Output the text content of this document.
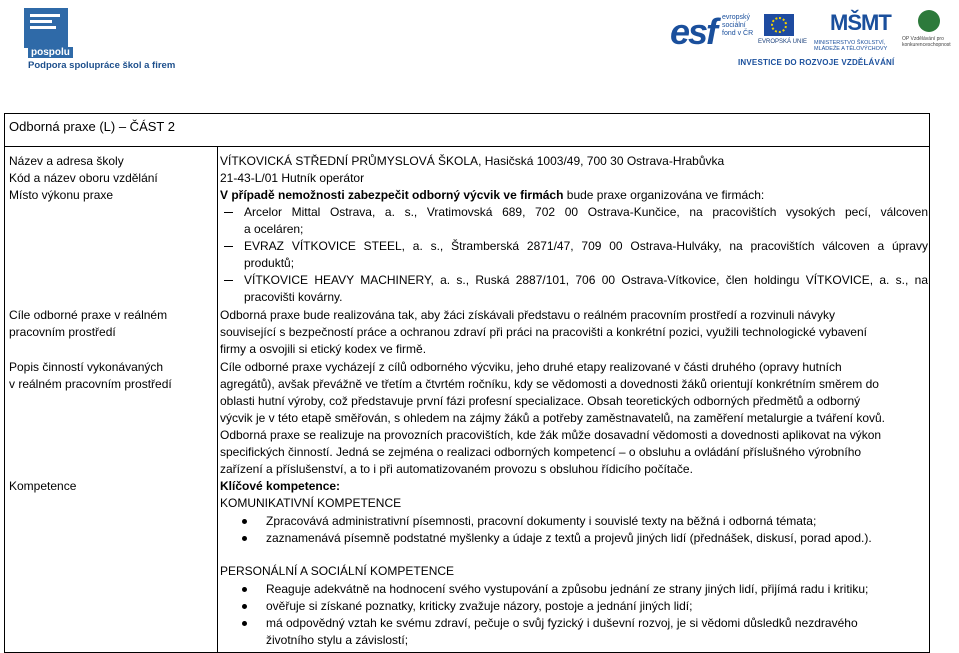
pospolu
Podpora spolupráce škol a firem
esf evropský sociální fond v ČR
EVROPSKÁ UNIE
MŠMT
MINISTERSTVO ŠKOLSTVÍ, MLÁDEŽE A TĚLOVÝCHOVY
OP Vzdělávání pro konkurenceschopnost
INVESTICE DO ROZVOJE VZDĚLÁVÁNÍ
Odborná praxe (L) – ČÁST 2
Název a adresa školy
Kód a název oboru vzdělání
Místo výkonu praxe
Cíle odborné praxe v reálném
pracovním prostředí
Popis činností vykonávaných
v reálném pracovním prostředí
Kompetence
VÍTKOVICKÁ STŘEDNÍ PRŮMYSLOVÁ ŠKOLA, Hasičská 1003/49, 700 30 Ostrava-Hrabůvka
21-43-L/01 Hutník operátor
V případě nemožnosti zabezpečit odborný výcvik ve firmách bude praxe organizována ve firmách:
Arcelor Mittal Ostrava, a. s., Vratimovská 689, 702 00 Ostrava-Kunčice, na pracovištích vysokých pecí, válcoven
a oceláren;
EVRAZ VÍTKOVICE STEEL, a. s., Štramberská 2871/47, 709 00 Ostrava-Hulváky, na pracovištích válcoven a úpravy
produktů;
VÍTKOVICE HEAVY MACHINERY, a. s., Ruská 2887/101, 706 00 Ostrava-Vítkovice, člen holdingu VÍTKOVICE, a. s., na
pracovišti kovárny.
Odborná praxe bude realizována tak, aby žáci získávali představu o reálném pracovním prostředí a rozvinuli návyky
související s bezpečností práce a ochranou zdraví při práci na pracovišti a konkrétní pozici, využili technologické vybavení
firmy a osvojili si etický kodex ve firmě.
Cíle odborné praxe vycházejí z cílů odborného výcviku, jeho druhé etapy realizované v části druhého (opravy hutních
agregátů), avšak převážně ve třetím a čtvrtém ročníku, kdy se vědomosti a dovednosti žáků orientují konkrétním směrem do
oblasti hutní výroby, což představuje první fázi profesní specializace. Obsah teoretických odborných předmětů a odborný
výcvik je v této etapě směřován, s ohledem na zájmy žáků a potřeby zaměstnavatelů, na zaměření metalurgie a tváření kovů.
Odborná praxe se realizuje na provozních pracovištích, kde žák může dosavadní vědomosti a dovednosti aplikovat na výkon
specifických činností. Jedná se zejména o realizaci odborných kompetencí – o obsluhu a ovládání příslušného výrobního
zařízení a příslušenství, a to i při automatizovaném provozu s obsluhou řídicího počítače.
Klíčové kompetence:
KOMUNIKATIVNÍ KOMPETENCE
Zpracovává administrativní písemnosti, pracovní dokumenty i souvislé texty na běžná i odborná témata;
zaznamenává písemně podstatné myšlenky a údaje z textů a projevů jiných lidí (přednášek, diskusí, porad apod.).
PERSONÁLNÍ A SOCIÁLNÍ KOMPETENCE
Reaguje adekvátně na hodnocení svého vystupování a způsobu jednání ze strany jiných lidí, přijímá radu i kritiku;
ověřuje si získané poznatky, kriticky zvažuje názory, postoje a jednání jiných lidí;
má odpovědný vztah ke svému zdraví, pečuje o svůj fyzický i duševní rozvoj, je si vědomi důsledků nezdravého
životního stylu a závislostí;
